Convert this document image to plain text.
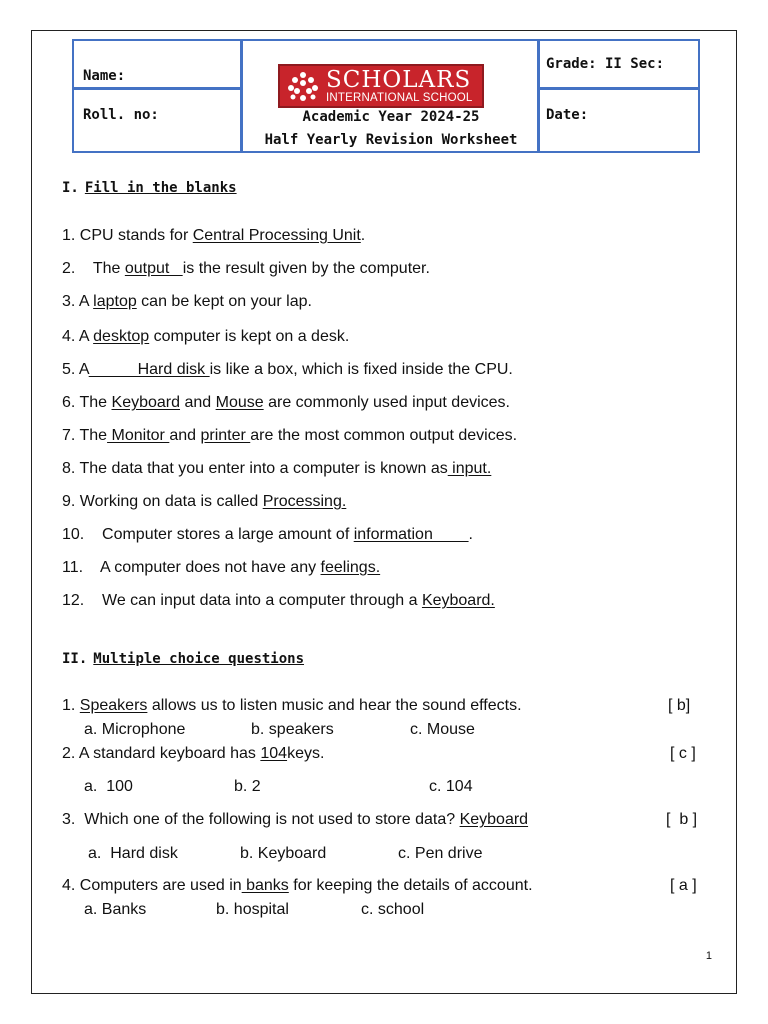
Name:
Roll. no:
Grade: II Sec:
Date:
SCHOLARS
INTERNATIONAL SCHOOL
Academic Year 2024-25
Half Yearly Revision Worksheet
I. Fill in the blanks
1. CPU stands for Central Processing Unit.
2.    The output   is the result given by the computer.
3. A laptop can be kept on your lap.
4. A desktop computer is kept on a desk.
5. A           Hard disk is like a box, which is fixed inside the CPU.
6. The Keyboard and Mouse are commonly used input devices.
7. The Monitor and printer are the most common output devices.
8. The data that you enter into a computer is known as input.
9. Working on data is called Processing.
10.    Computer stores a large amount of information____.
11.    A computer does not have any feelings.
12.    We can input data into a computer through a Keyboard.
II. Multiple choice questions
1. Speakers allows us to listen music and hear the sound effects.	[ b]
a. Microphone	b. speakers	c. Mouse
2. A standard keyboard has 104keys.	[ c ]
a.  100	b. 2	c. 104
3.  Which one of the following is not used to store data? Keyboard	[  b ]
a.  Hard disk	b. Keyboard	c. Pen drive
4. Computers are used in banks for keeping the details of account.	[ a ]
a. Banks	b. hospital	c. school
1
